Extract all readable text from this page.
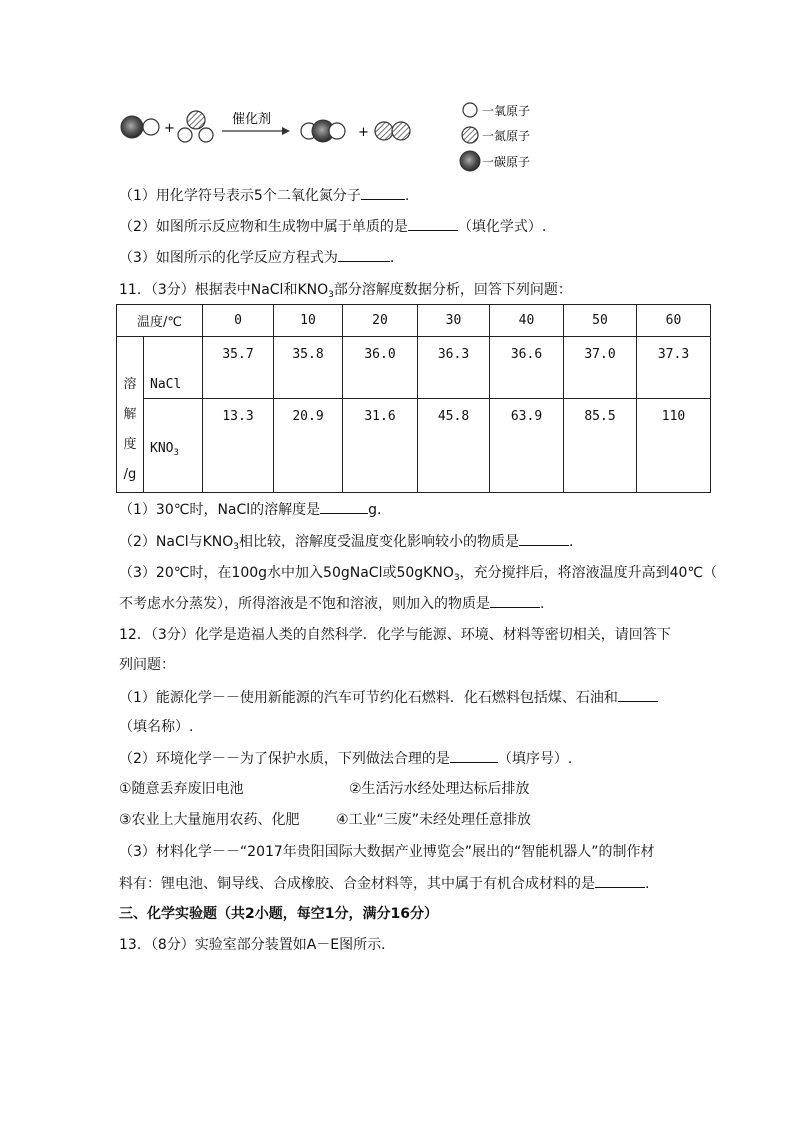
+
催化剂
+
一氧原子
一氮原子
一碳原子
（1）用化学符号表示5个二氧化氮分子	.
（2）如图所示反应物和生成物中属于单质的是	（填化学式）.
（3）如图所示的化学反应方程式为	.
11．（3分）根据表中NaCl和$KNO_3$部分溶解度数据分析，回答下列问题：
温度/℃		0	10	20	30	40	50	60

溶
解
度
/g	NaCl	35.7	35.8	36.0	36.3	36.6	37.0	37.3
	$KNO_3$	13.3	20.9	31.6	45.8	63.9	85.5	110
（1）30℃时，NaCl的溶解度是	g.
（2）NaCl与$KNO_3$相比较，溶解度受温度变化影响较小的物质是	.
（3）20℃时，在100g水中加入50gNaCl或50gKNO$_3$，充分搅拌后，将溶液温度升高到40℃（
不考虑水分蒸发），所得溶液是不饱和溶液，则加入的物质是	.
12．（3分）化学是造福人类的自然科学．化学与能源、环境、材料等密切相关，请回答下
列问题：
（1）能源化学－－使用新能源的汽车可节约化石燃料．化石燃料包括煤、石油和
（填名称）.
（2）环境化学－－为了保护水质，下列做法合理的是	（填序号）.
①随意丢弃废旧电池	②生活污水经处理达标后排放
③农业上大量施用农药、化肥	④工业“三废”未经处理任意排放
（3）材料化学－－“2017年贵阳国际大数据产业博览会”展出的“智能机器人”的制作材
料有：锂电池、铜导线、合成橡胶、合金材料等，其中属于有机合成材料的是	.
三、化学实验题（共2小题，每空1分，满分16分）
13．（8分）实验室部分装置如A－E图所示．
